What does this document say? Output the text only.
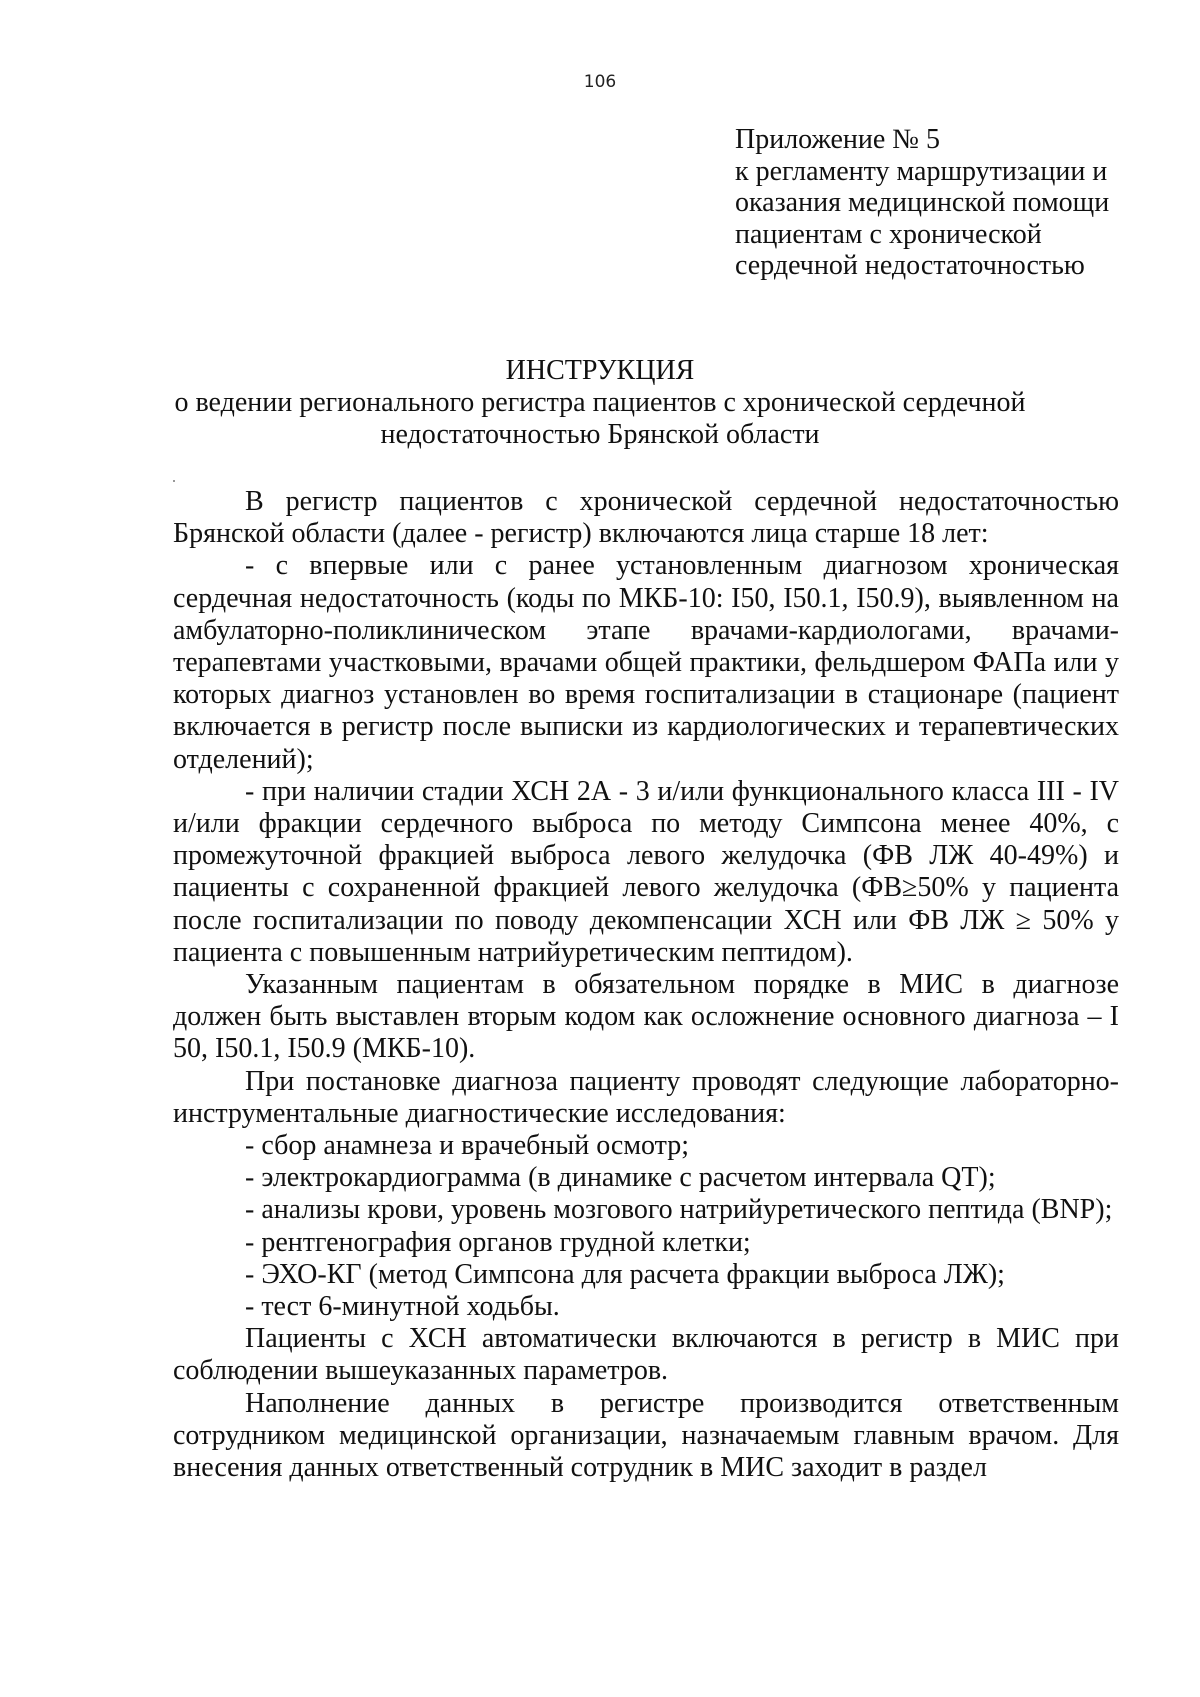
106
Приложение № 5
к регламенту маршрутизации и
оказания медицинской помощи
пациентам с хронической
сердечной недостаточностью
ИНСТРУКЦИЯ
о ведении регионального регистра пациентов с хронической сердечной
недостаточностью Брянской области

В регистр пациентов с хронической сердечной недостаточностью Брянской области (далее - регистр) включаются лица старше 18 лет:

- с впервые или с ранее установленным диагнозом хроническая сердечная недостаточность (коды по МКБ-10: I50, I50.1, I50.9), выявленном на амбулаторно-поликлиническом этапе врачами-кардиологами, врачами-терапевтами участковыми, врачами общей практики, фельдшером ФАПа или у которых диагноз установлен во время госпитализации в стационаре (пациент включается в регистр после выписки из кардиологических и терапевтических отделений);

- при наличии стадии ХСН 2А - 3 и/или функционального класса III - IV и/или фракции сердечного выброса по методу Симпсона менее 40%, с промежуточной фракцией выброса левого желудочка (ФВ ЛЖ 40-49%) и пациенты с сохраненной фракцией левого желудочка (ФВ≥50% у пациента после госпитализации по поводу декомпенсации ХСН или ФВ ЛЖ ≥ 50% у пациента с повышенным натрийуретическим пептидом).

Указанным пациентам в обязательном порядке в МИС в диагнозе должен быть выставлен вторым кодом как осложнение основного диагноза – I 50, I50.1, I50.9 (МКБ-10).

При постановке диагноза пациенту проводят следующие лабораторно-инструментальные диагностические исследования:

- сбор анамнеза и врачебный осмотр;

- электрокардиограмма (в динамике с расчетом интервала QT);

- анализы крови, уровень мозгового натрийуретического пептида (BNP);

- рентгенография органов грудной клетки;

- ЭХО-КГ (метод Симпсона для расчета фракции выброса ЛЖ);

- тест 6-минутной ходьбы.

Пациенты с ХСН автоматически включаются в регистр в МИС при соблюдении вышеуказанных параметров.

Наполнение данных в регистре производится ответственным сотрудником медицинской организации, назначаемым главным врачом. Для внесения данных ответственный сотрудник в МИС заходит в раздел
